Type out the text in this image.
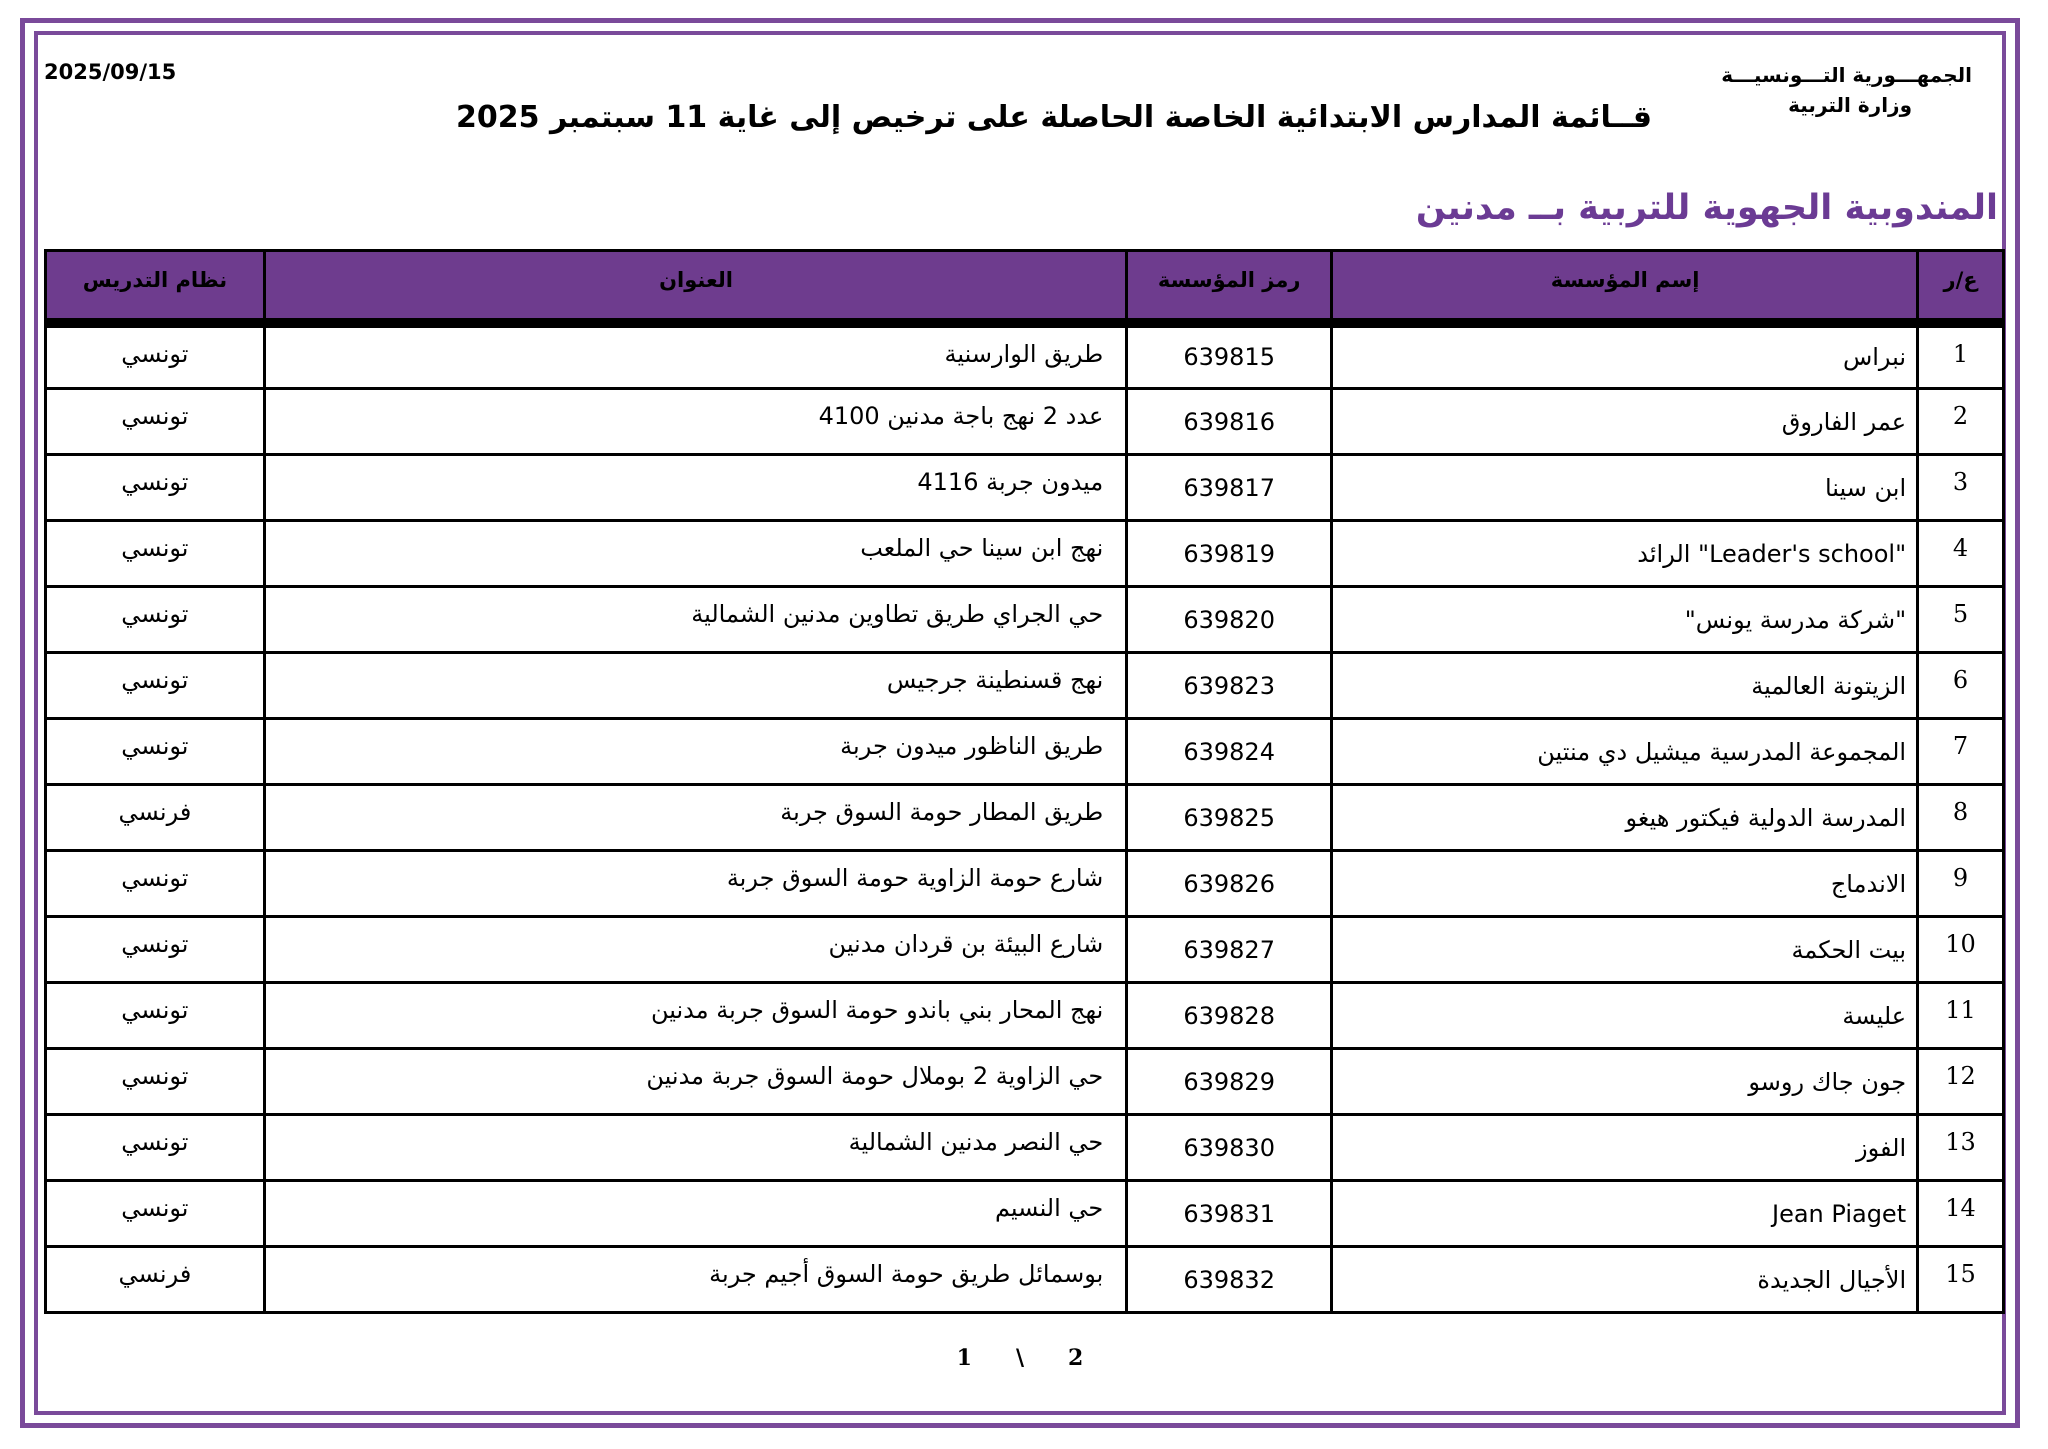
2025/09/15	الجمهـــورية التـــونسيـــة
وزارة التربية
قــائمة المدارس الابتدائية الخاصة الحاصلة على ترخيص إلى غاية 11 سبتمبر 2025
المندوبية الجهوية للتربية بــ مدنين
ع/ر	إسم المؤسسة	رمز المؤسسة	العنوان	نظام التدريس
1	نبراس	639815	طريق الوارسنية	تونسي
2	عمر الفاروق	639816	عدد 2 نهج باجة مدنين 4100	تونسي
3	ابن سينا	639817	ميدون جربة 4116	تونسي
4	"Leader's school" الرائد	639819	نهج ابن سينا حي الملعب	تونسي
5	"شركة مدرسة يونس"	639820	حي الجراي طريق تطاوين مدنين الشمالية	تونسي
6	الزيتونة العالمية	639823	نهج قسنطينة جرجيس	تونسي
7	المجموعة المدرسية ميشيل دي منتين	639824	طريق الناظور ميدون جربة	تونسي
8	المدرسة الدولية فيكتور هيغو	639825	طريق المطار حومة السوق جربة	فرنسي
9	الاندماج	639826	شارع حومة الزاوية حومة السوق جربة	تونسي
10	بيت الحكمة	639827	شارع البيئة بن قردان مدنين	تونسي
11	عليسة	639828	نهج المحار بني باندو حومة السوق جربة مدنين	تونسي
12	جون جاك روسو	639829	حي الزاوية 2 بوملال حومة السوق جربة مدنين	تونسي
13	الفوز	639830	حي النصر مدنين الشمالية	تونسي
14	Jean Piaget	639831	حي النسيم	تونسي
15	الأجيال الجديدة	639832	بوسمائل طريق حومة السوق أجيم جربة	فرنسي
1 \ 2
